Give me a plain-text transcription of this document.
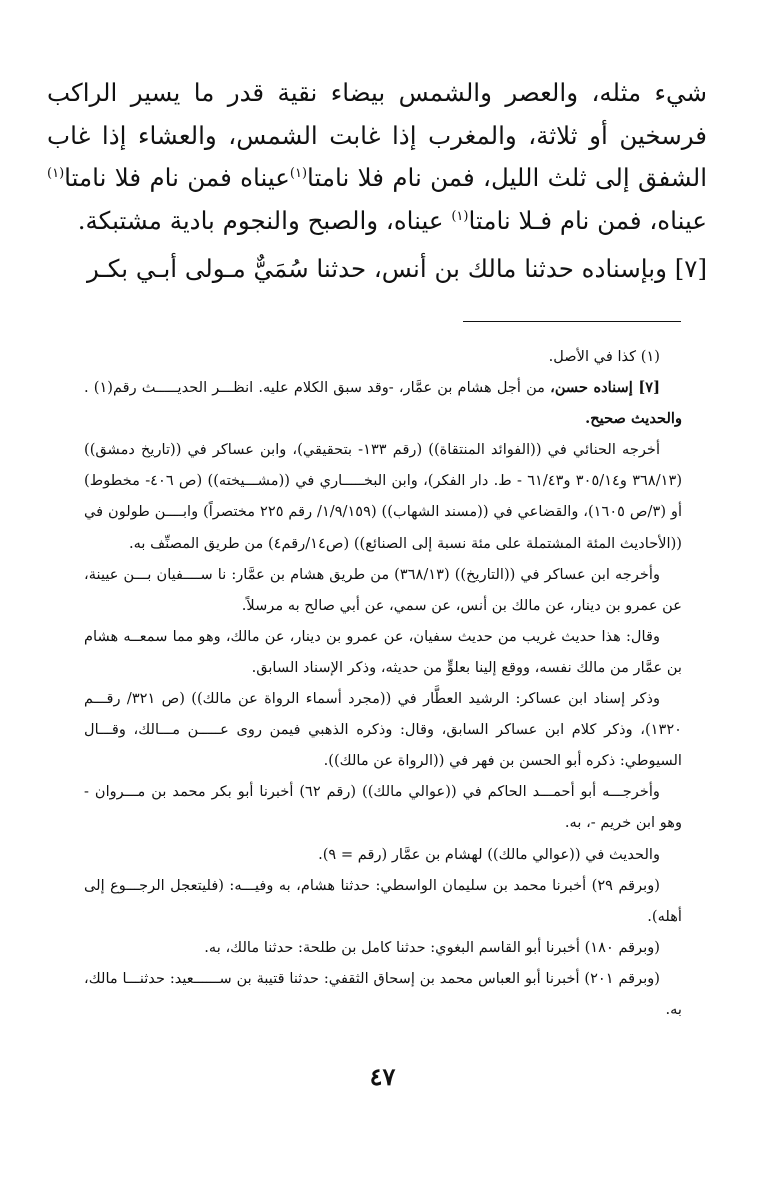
شيء مثله، والعصر والشمس بيضاء نقية قدر ما يسير الراكب فرسخين أو ثلاثة، والمغرب إذا غابت الشمس، والعشاء إذا غاب الشفق إلى ثلث الليل، فمن نام فلا نامتا$^{(١)}$عيناه فمن نام فلا نامتا$^{(١)}$ عيناه، فمن نام فـلا نامتا$^{(١)}$ عيناه، والصبح والنجوم بادية مشتبكة.

[٧] وبإسناده حدثنا مالك بن أنس، حدثنا سُمَيٌّ مـولى أبـي بكـر

(١) كذا في الأصل.

[٧] إسناده حسن، من أجل هشام بن عمَّار، -وقد سبق الكلام عليه. انظـــر الحديـــــث رقم(١) . والحديث صحيح.

أخرجه الحنائي في ((الفوائد المنتقاة)) (رقم ١٣٣- بتحقيقي)، وابن عساكر في ((تاريخ دمشق)) (٣٦٨/١٣ و٣٠٥/١٤ و٦١/٤٣ - ط. دار الفكر)، وابن البخـــــاري في ((مشـــيخته)) (ص ٤٠٦- مخطوط) أو (٣/ص ١٦٠٥)، والقضاعي في ((مسند الشهاب)) (١/٩/١٥٩/ رقم ٢٢٥ مختصراً) وابــــن طولون في ((الأحاديث المئة المشتملة على مئة نسبة إلى الصنائع)) (ص١٤/رقم٤) من طريق المصنِّف به.

وأخرجه ابن عساكر في ((التاريخ)) (٣٦٨/١٣) من طريق هشام بن عمَّار: نا ســــفيان بـــن عيينة، عن عمرو بن دينار، عن مالك بن أنس، عن سمي، عن أبي صالح به مرسلاً.

وقال: هذا حديث غريب من حديث سفيان، عن عمرو بن دينار، عن مالك، وهو مما سمعــه هشام بن عمَّار من مالك نفسه، ووقع إلينا بعلوٍّ من حديثه، وذكر الإسناد السابق.

وذكر إسناد ابن عساكر: الرشيد العطَّار في ((مجرد أسماء الرواة عن مالك)) (ص ٣٢١/ رقـــم ١٣٢٠)، وذكر كلام ابن عساكر السابق، وقال: وذكره الذهبي فيمن روى عـــــن مـــالك، وقـــال السيوطي: ذكره أبو الحسن بن فهر في ((الرواة عن مالك)).

وأخرجـــه أبو أحمـــد الحاكم في ((عوالي مالك)) (رقم ٦٢) أخبرنا أبو بكر محمد بن مـــروان - وهو ابن خريم -، به.

والحديث في ((عوالي مالك)) لهشام بن عمَّار (رقم = ٩).

(وبرقم ٢٩) أخبرنا محمد بن سليمان الواسطي: حدثنا هشام، به وفيـــه: (فليتعجل الرجـــوع إلى أهله).

(وبرقم ١٨٠) أخبرنا أبو القاسم البغوي: حدثنا كامل بن طلحة: حدثنا مالك، به.

(وبرقم ٢٠١) أخبرنا أبو العباس محمد بن إسحاق الثقفي: حدثنا قتيبة بن ســــــعيد: حدثنـــا مالك، به.

٤٧
